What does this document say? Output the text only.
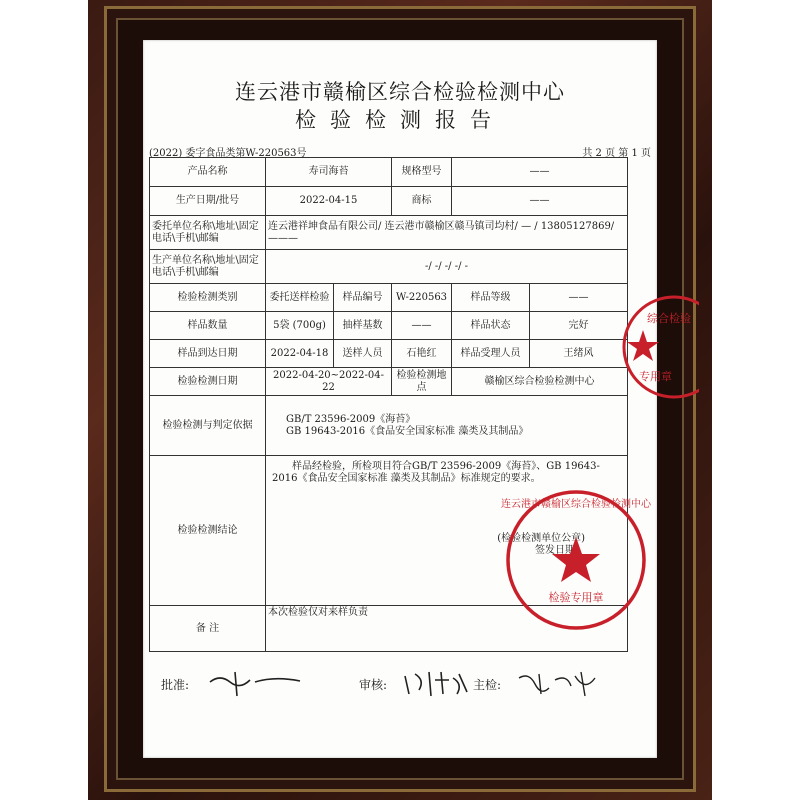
连云港市赣榆区综合检验检测中心
检验检测报告
(2022) 委字食品类第W-220563号	共 2 页 第 1 页
产品名称	寿司海苔		规格型号	——	
生产日期/批号	2022-04-15		商标	——	
委托单位名称\地址\固定电话\手机\邮编	连云港祥坤食品有限公司/ 连云港市赣榆区赣马镇司均村/ — / 13805127869/ ———				
生产单位名称\地址\固定电话\手机\邮编	-/ -/ -/ -/ -				
检验检测类别	委托送样检验	样品编号	W-220563	样品等级	——
样品数量	5袋 (700g)	抽样基数	——	样品状态	完好
样品到达日期	2022-04-18	送样人员	石艳红	样品受理人员	王绪风
检验检测日期	2022-04-20~2022-04-22		检验检测地点	赣榆区综合检验检测中心	
检验检测与判定依据	GB/T 23596-2009《海苔》
GB 19643-2016《食品安全国家标准 藻类及其制品》				

检验检测结论	样品经检验，所检项目符合GB/T 23596-2009《海苔》、GB 19643-2016《食品安全国家标准 藻类及其制品》标准规定的要求。
(检验检测单位公章)
签发日期：				

备 注	本次检验仅对来样负责				
批准:	审核:	主检:
综合检验
专用章
连云港市赣榆区综合检验检测中心
检验专用章
